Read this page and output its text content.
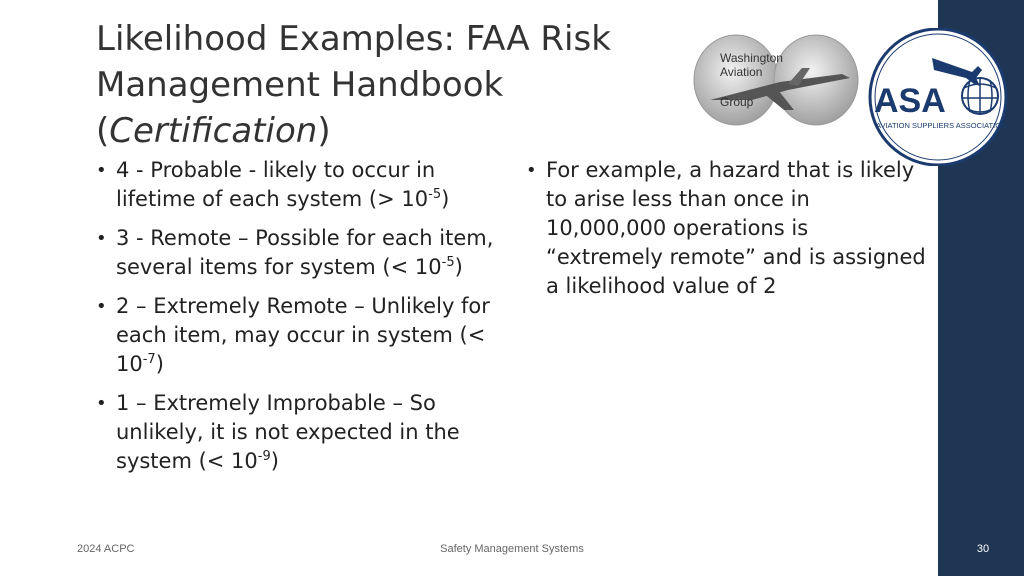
Likelihood Examples: FAA Risk
Management Handbook
(Certification)
Washington
Aviation
Group	ASA
AVIATION SUPPLIERS ASSOCIATION
• 4 - Probable - likely to occur in lifetime of each system (> $10^{-5}$)
• 3 - Remote – Possible for each item, several items for system (< $10^{-5}$)
• 2 – Extremely Remote – Unlikely for each item, may occur in system (< $10^{-7}$)
• 1 – Extremely Improbable – So unlikely, it is not expected in the system (< $10^{-9}$)
• For example, a hazard that is likely to arise less than once in 10,000,000 operations is “extremely remote” and is assigned a likelihood value of 2
2024 ACPC	Safety Management Systems	30
